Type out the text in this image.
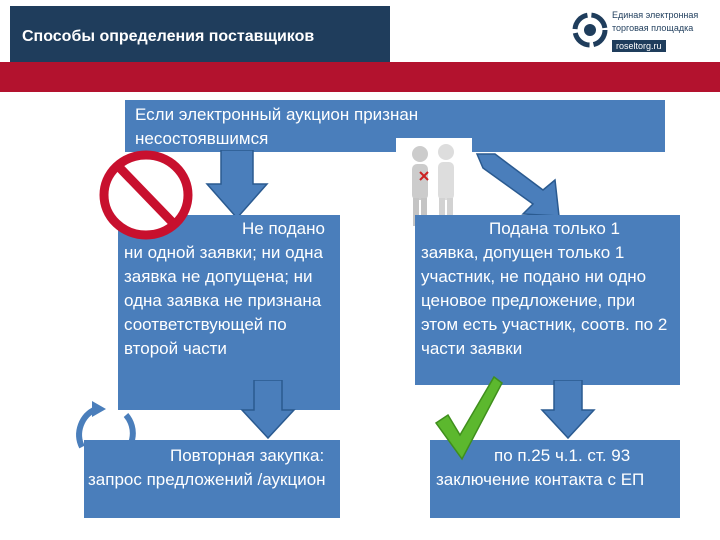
Способы определения поставщиков
Единая электронная
торговая площадка
roseltorg.ru
Если электронный аукцион признан несостоявшимся
Не подано ни одной заявки; ни одна заявка не допущена; ни одна заявка не признана соответствующей по второй части
Подана только 1 заявка, допущен только 1 участник, не подано ни одно ценовое предложение, при этом есть участник, соотв. по 2 части заявки
Повторная закупка: запрос предложений /аукцион
по п.25 ч.1. ст. 93 заключение контакта с ЕП
